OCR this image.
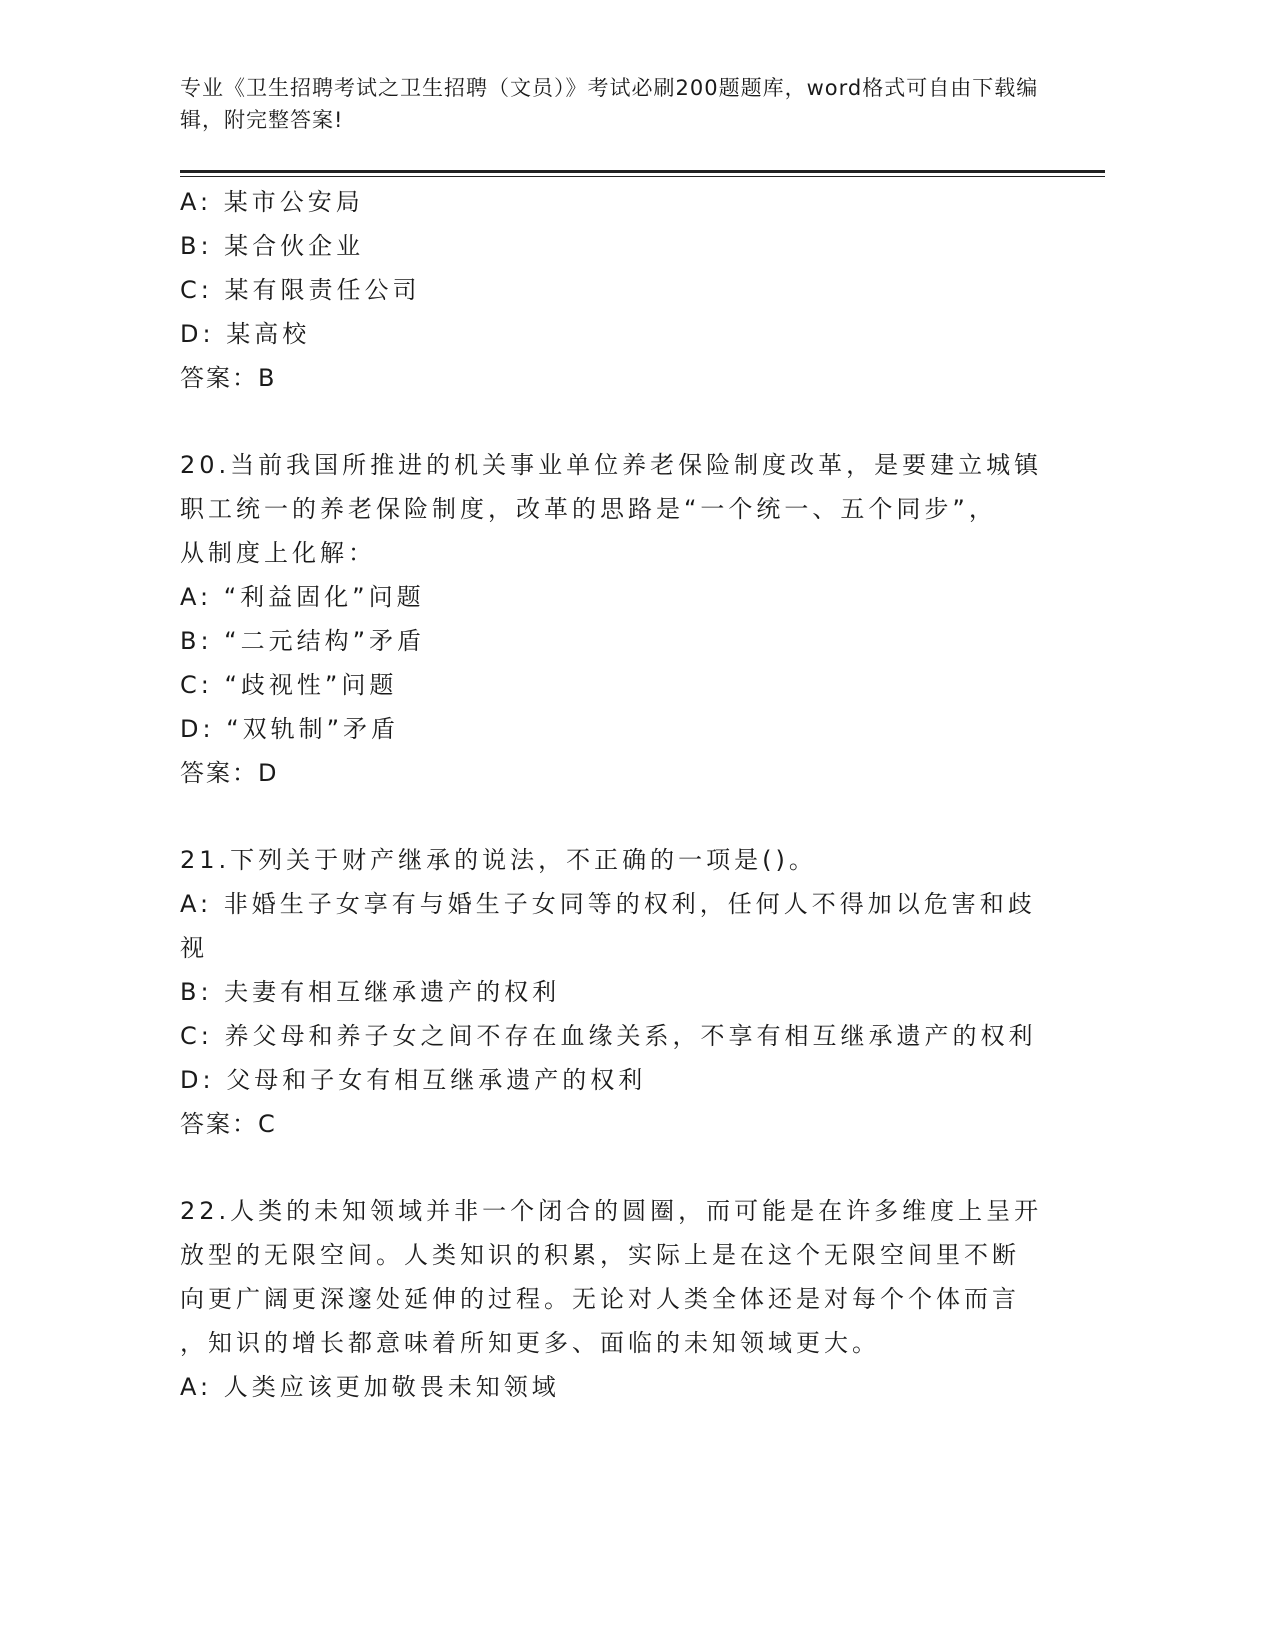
专业《卫生招聘考试之卫生招聘（文员）》考试必刷200题题库，word格式可自由下载编辑，附完整答案!
A: 某市公安局
B: 某合伙企业
C: 某有限责任公司
D: 某高校
答案：B
20.当前我国所推进的机关事业单位养老保险制度改革，是要建立城镇
职工统一的养老保险制度，改革的思路是“一个统一、五个同步”，
从制度上化解：
A: “利益固化”问题
B: “二元结构”矛盾
C: “歧视性”问题
D: “双轨制”矛盾
答案：D
21.下列关于财产继承的说法，不正确的一项是()。
A: 非婚生子女享有与婚生子女同等的权利，任何人不得加以危害和歧视
B: 夫妻有相互继承遗产的权利
C: 养父母和养子女之间不存在血缘关系，不享有相互继承遗产的权利
D: 父母和子女有相互继承遗产的权利
答案：C
22.人类的未知领域并非一个闭合的圆圈，而可能是在许多维度上呈开
放型的无限空间。人类知识的积累，实际上是在这个无限空间里不断
向更广阔更深邃处延伸的过程。无论对人类全体还是对每个个体而言
，知识的增长都意味着所知更多、面临的未知领域更大。
A: 人类应该更加敬畏未知领域
